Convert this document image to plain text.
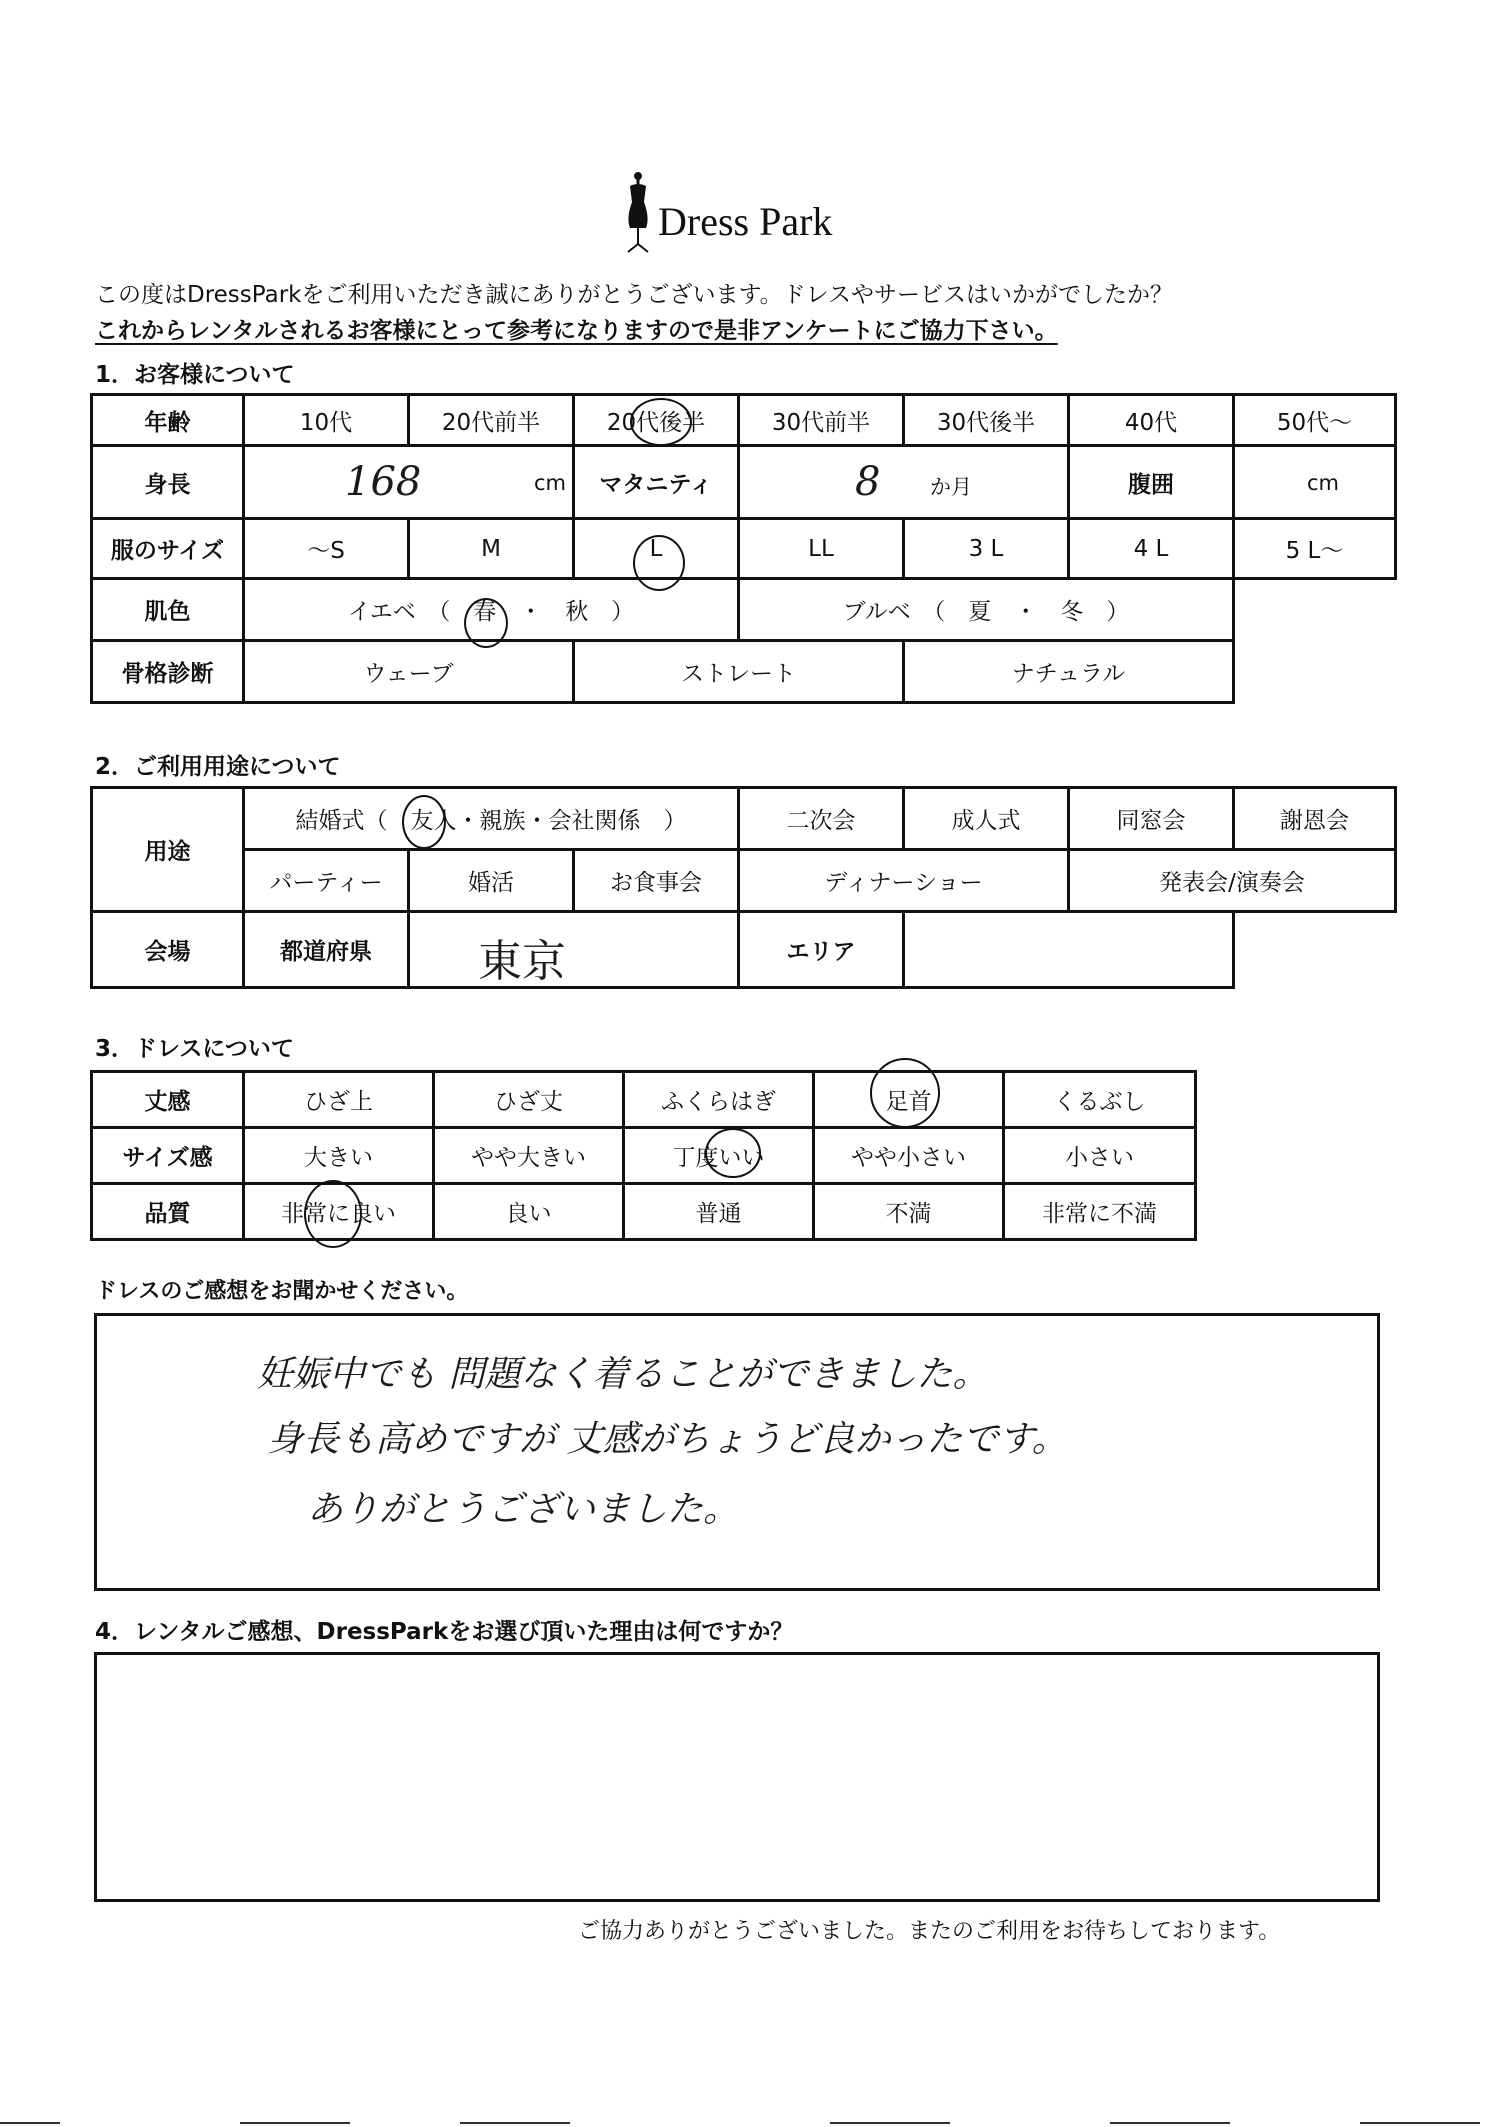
Dress Park
この度はDressParkをご利用いただき誠にありがとうございます。ドレスやサービスはいかがでしたか？
これからレンタルされるお客様にとって参考になりますので是非アンケートにご協力下さい。
1．お客様について
年齢	10代	20代前半	20代後半	30代前半	30代後半	40代	50代～
身長	168 cm		マタニティ	8 か月		腹囲	cm

服のサイズ	～S	M	L	LL	3 L	4 L	5 L～
肌色	イエベ　（　春　・　秋　）			ブルベ　（　夏　・　冬　）			
骨格診断	ウェーブ		ストレート		ナチュラル		
2．ご利用用途について
用途	結婚式（　友人・親族・会社関係　）			二次会	成人式	同窓会	謝恩会
	パーティー	婚活	お食事会	ディナーショー		発表会/演奏会	
会場	都道府県	東京		エリア			
3．ドレスについて
丈感	ひざ上	ひざ丈	ふくらはぎ	足首	くるぶし
サイズ感	大きい	やや大きい	丁度いい	やや小さい	小さい
品質	非常に良い	良い	普通	不満	非常に不満
ドレスのご感想をお聞かせください。
妊娠中でも 問題なく着ることができました。
身長も高めですが 丈感がちょうど良かったです。
ありがとうございました。
4．レンタルご感想、DressParkをお選び頂いた理由は何ですか？
ご協力ありがとうございました。またのご利用をお待ちしております。
